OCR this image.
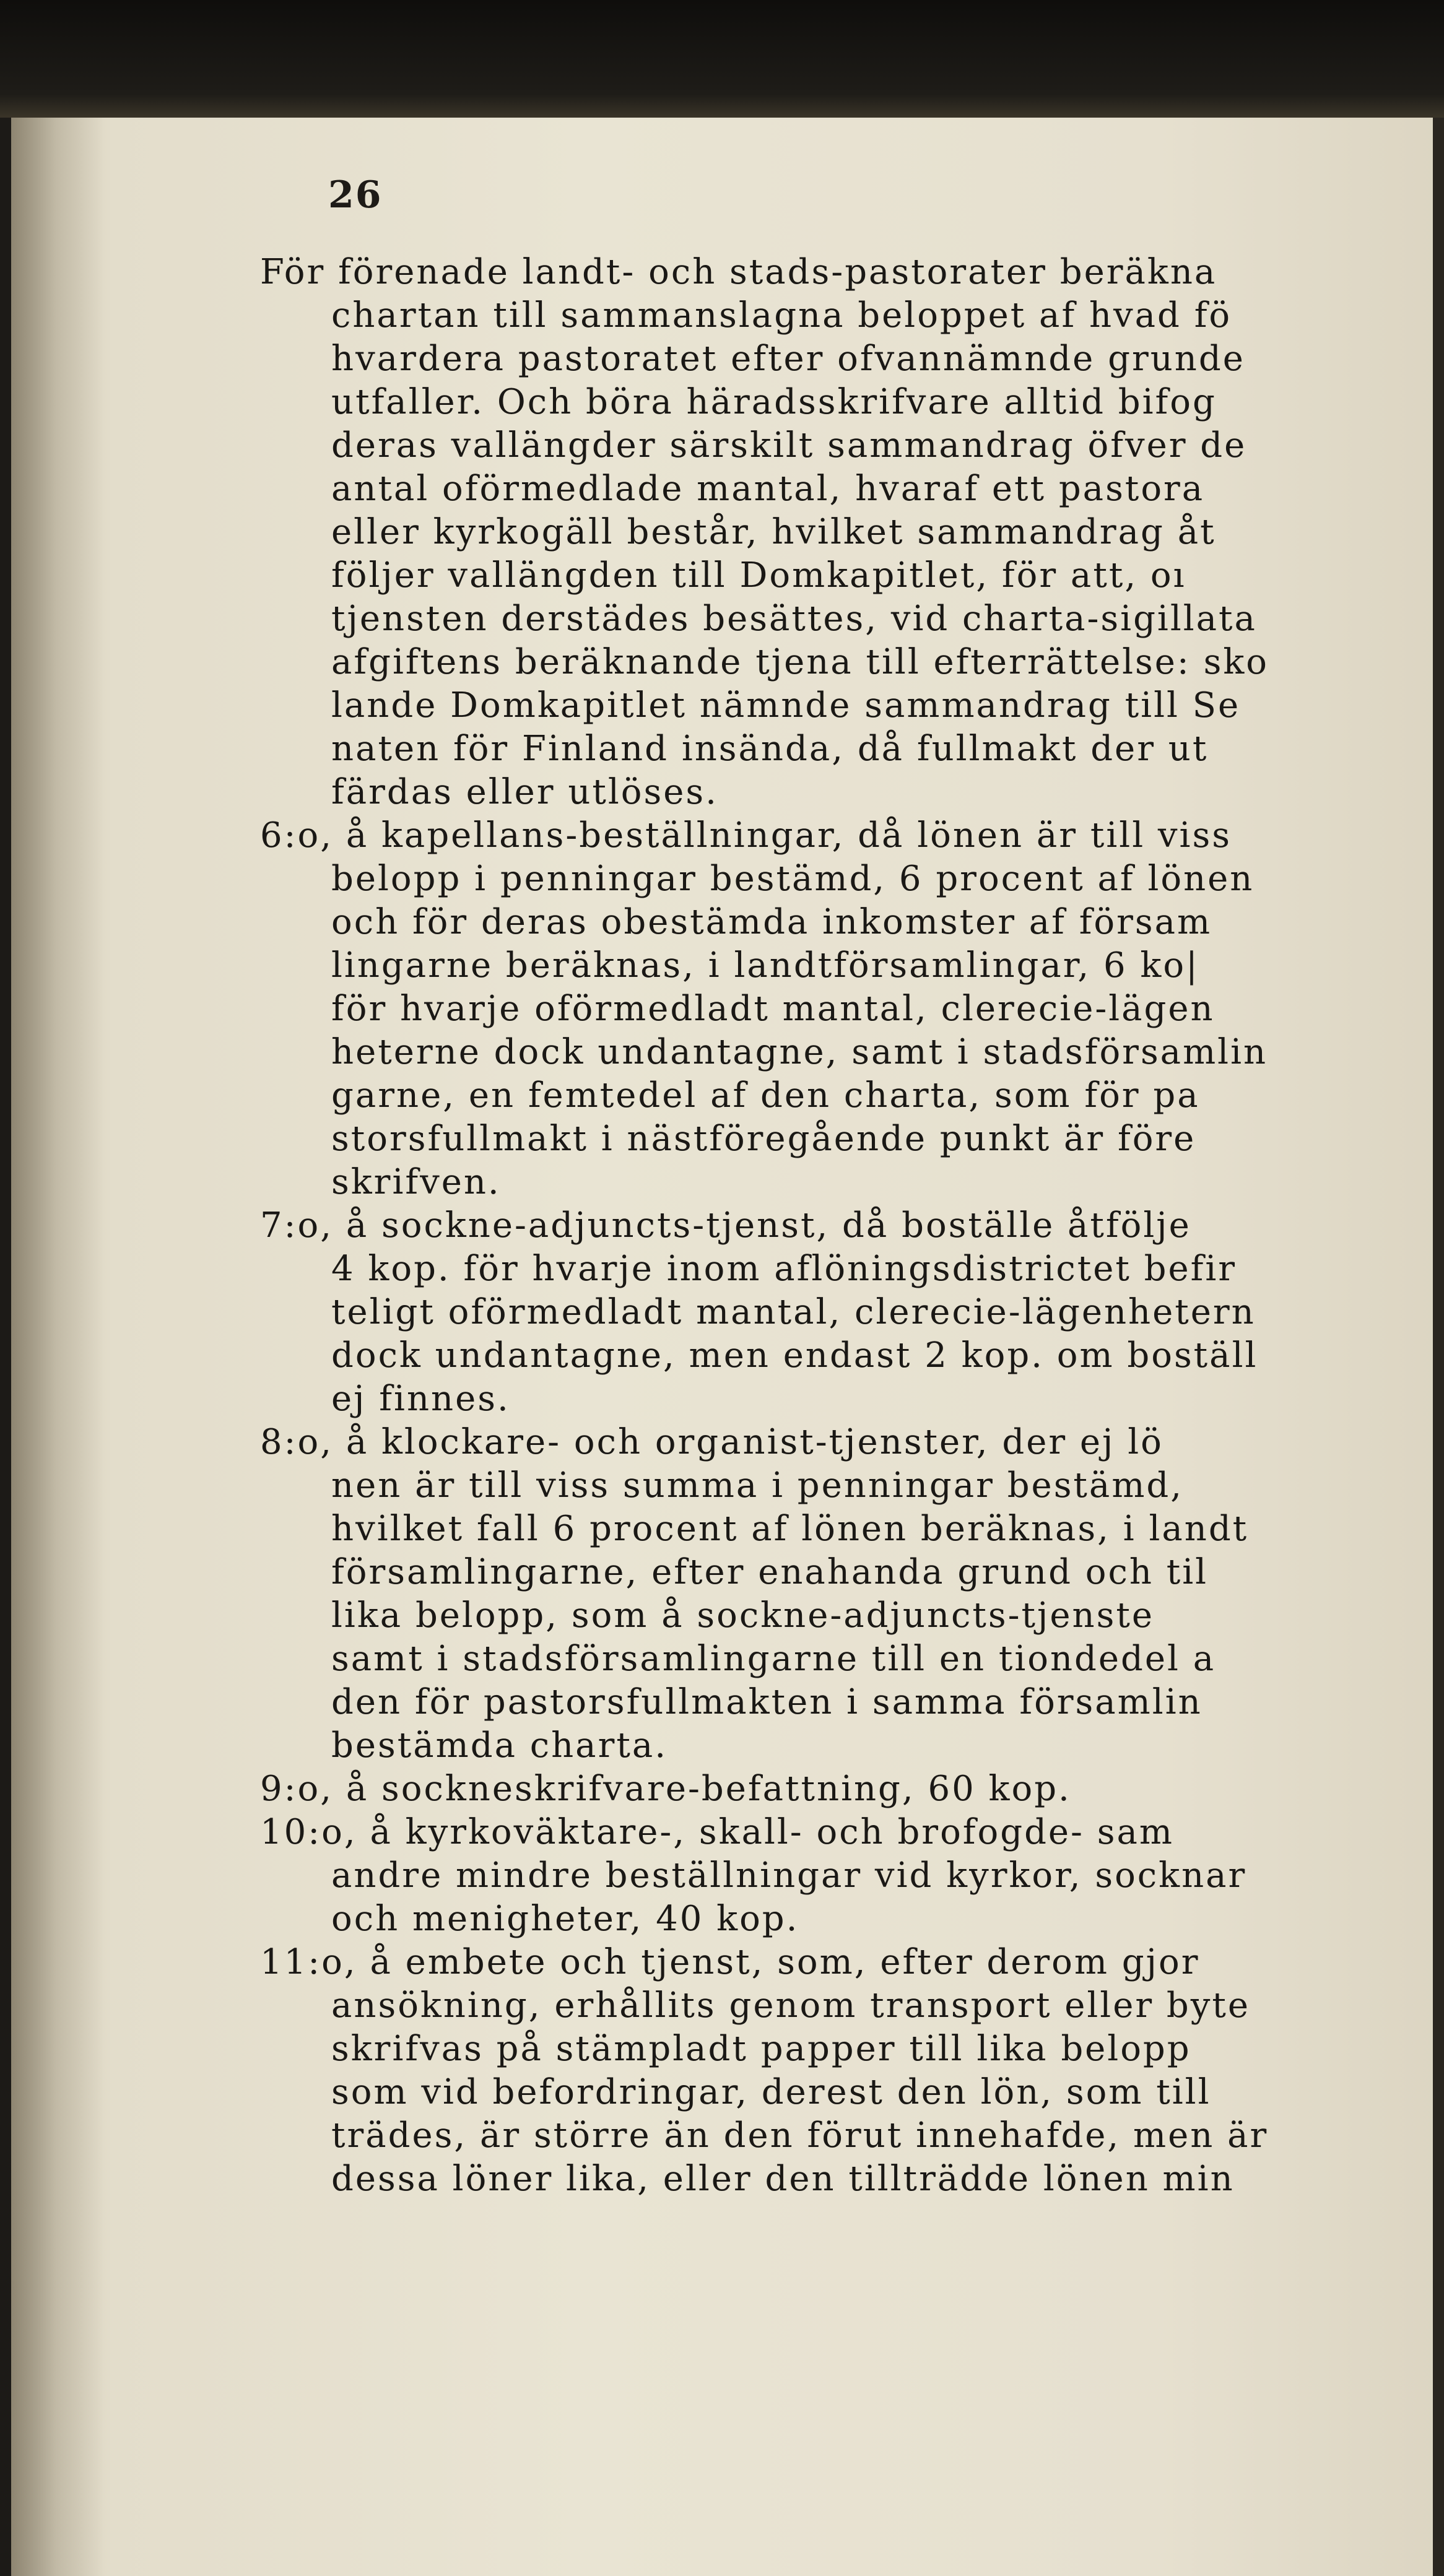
26
För förenade landt- och stads-pastorater beräkna
chartan till sammanslagna beloppet af hvad fö
hvardera pastoratet efter ofvannämnde grunde
utfaller. Och böra häradsskrifvare alltid bifog
deras vallängder särskilt sammandrag öfver de
antal oförmedlade mantal, hvaraf ett pastora
eller kyrkogäll består, hvilket sammandrag åt
följer vallängden till Domkapitlet, för att, oı
tjensten derstädes besättes, vid charta-sigillata
afgiftens beräknande tjena till efterrättelse: sko
lande Domkapitlet nämnde sammandrag till Se
naten för Finland insända, då fullmakt der ut
färdas eller utlöses.
6:o, å kapellans-beställningar, då lönen är till viss
belopp i penningar bestämd, 6 procent af lönen
och för deras obestämda inkomster af försam
lingarne beräknas, i landtförsamlingar, 6 ko|
för hvarje oförmedladt mantal, clerecie-lägen
heterne dock undantagne, samt i stadsförsamlin
garne, en femtedel af den charta, som för pa
storsfullmakt i nästföregående punkt är före
skrifven.
7:o, å sockne-adjuncts-tjenst, då boställe åtfölje
4 kop. för hvarje inom aflöningsdistrictet befir
teligt oförmedladt mantal, clerecie-lägenhetern
dock undantagne, men endast 2 kop. om boställ
ej finnes.
8:o, å klockare- och organist-tjenster, der ej lö
nen är till viss summa i penningar bestämd,
hvilket fall 6 procent af lönen beräknas, i landt
församlingarne, efter enahanda grund och til
lika belopp, som å sockne-adjuncts-tjenste
samt i stadsförsamlingarne till en tiondedel a
den för pastorsfullmakten i samma församlin
bestämda charta.
9:o, å sockneskrifvare-befattning, 60 kop.
10:o, å kyrkoväktare-, skall- och brofogde- sam
andre mindre beställningar vid kyrkor, socknar
och menigheter, 40 kop.
11:o, å embete och tjenst, som, efter derom gjor
ansökning, erhållits genom transport eller byte
skrifvas på stämpladt papper till lika belopp
som vid befordringar, derest den lön, som till
trädes, är större än den förut innehafde, men är
dessa löner lika, eller den tillträdde lönen min
